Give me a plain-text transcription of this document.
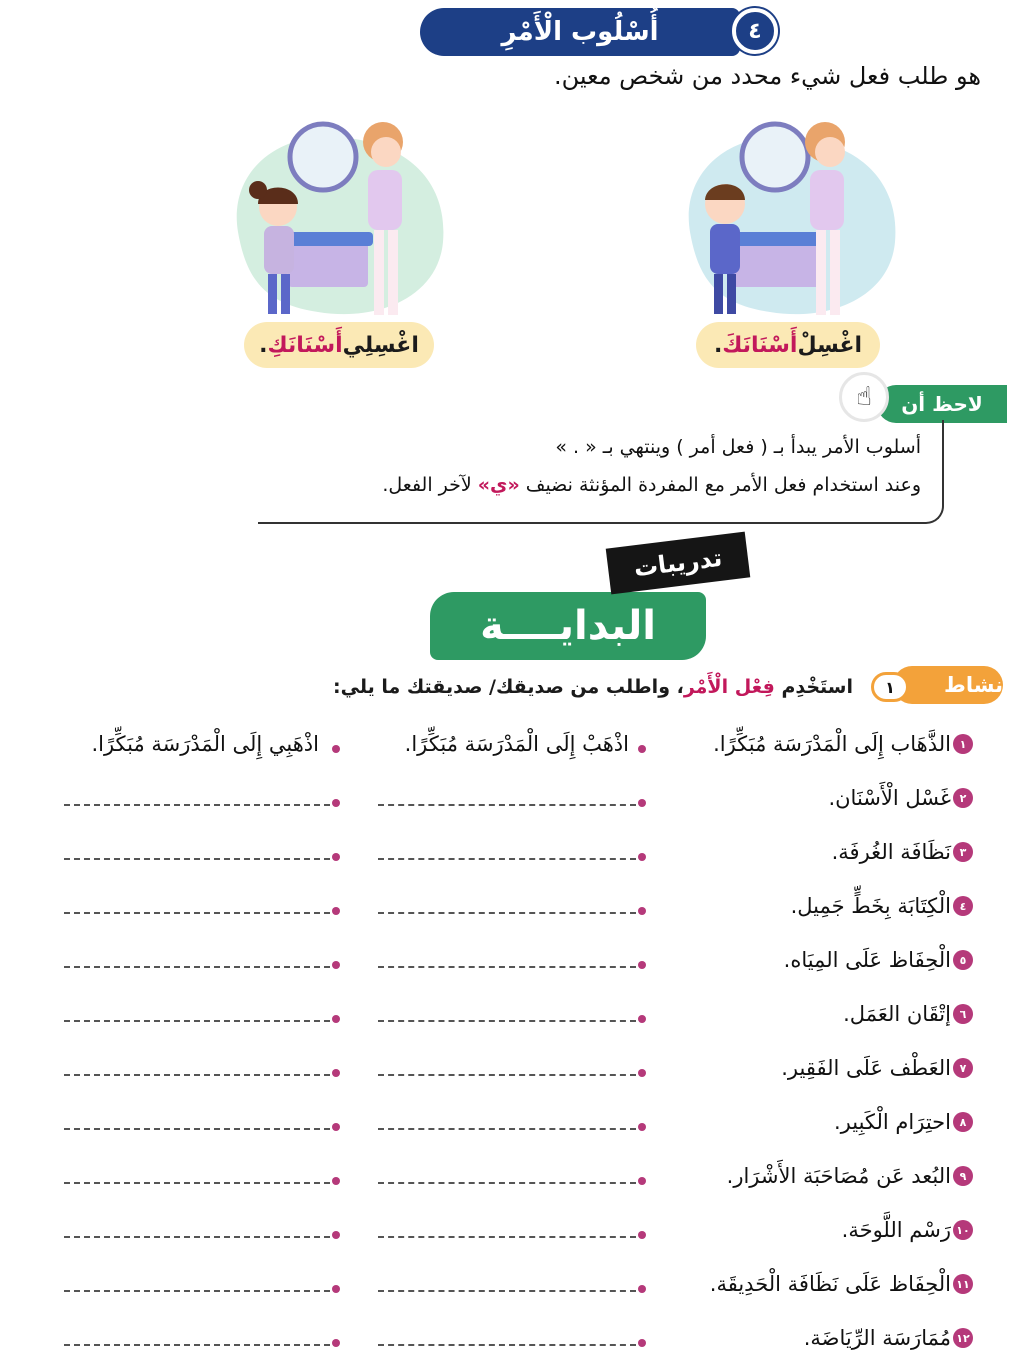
أُسْلُوب الْأَمْرِ	٤
هو طلب فعل شيء محدد من شخص معين.
اغْسِلْ
أَسْنَانَكَ
.
اغْسِلِي
أَسْنَانَكِ
.
لاحظ أن
☝
أسلوب الأمر يبدأ بـ ( فعل أمر ) وينتهي بـ « . »
وعند استخدام فعل الأمر مع المفردة المؤنثة نضيف «ي» لآخر الفعل.
تدريبات
البدايــــة
نشاط
١
استَخْدِم فِعْل الْأَمْر، واطلب من صديقك/ صديقتك ما يلي:
١
الذَّهَاب إِلَى الْمَدْرَسَة مُبَكِّرًا.
اذْهَبْ إِلَى الْمَدْرَسَة مُبَكِّرًا.
اذْهَبِي إِلَى الْمَدْرَسَة مُبَكِّرًا.
٢
غَسْل الْأَسْنَان.
٣
نَظَافَة الغُرفَة.
٤
الْكِتَابَة بِخَطٍّ جَمِيل.
٥
الْحِفَاظ عَلَى المِيَاه.
٦
إتْقَان العَمَل.
٧
العَطْف عَلَى الفَقِير.
٨
احتِرَام الْكَبِير.
٩
البُعد عَن مُصَاحَبَة الأَشْرَار.
١٠
رَسْم اللَّوحَة.
١١
الْحِفَاظ عَلَى نَظَافَة الْحَدِيقَة.
١٢
مُمَارَسَة الرِّيَاضَة.
